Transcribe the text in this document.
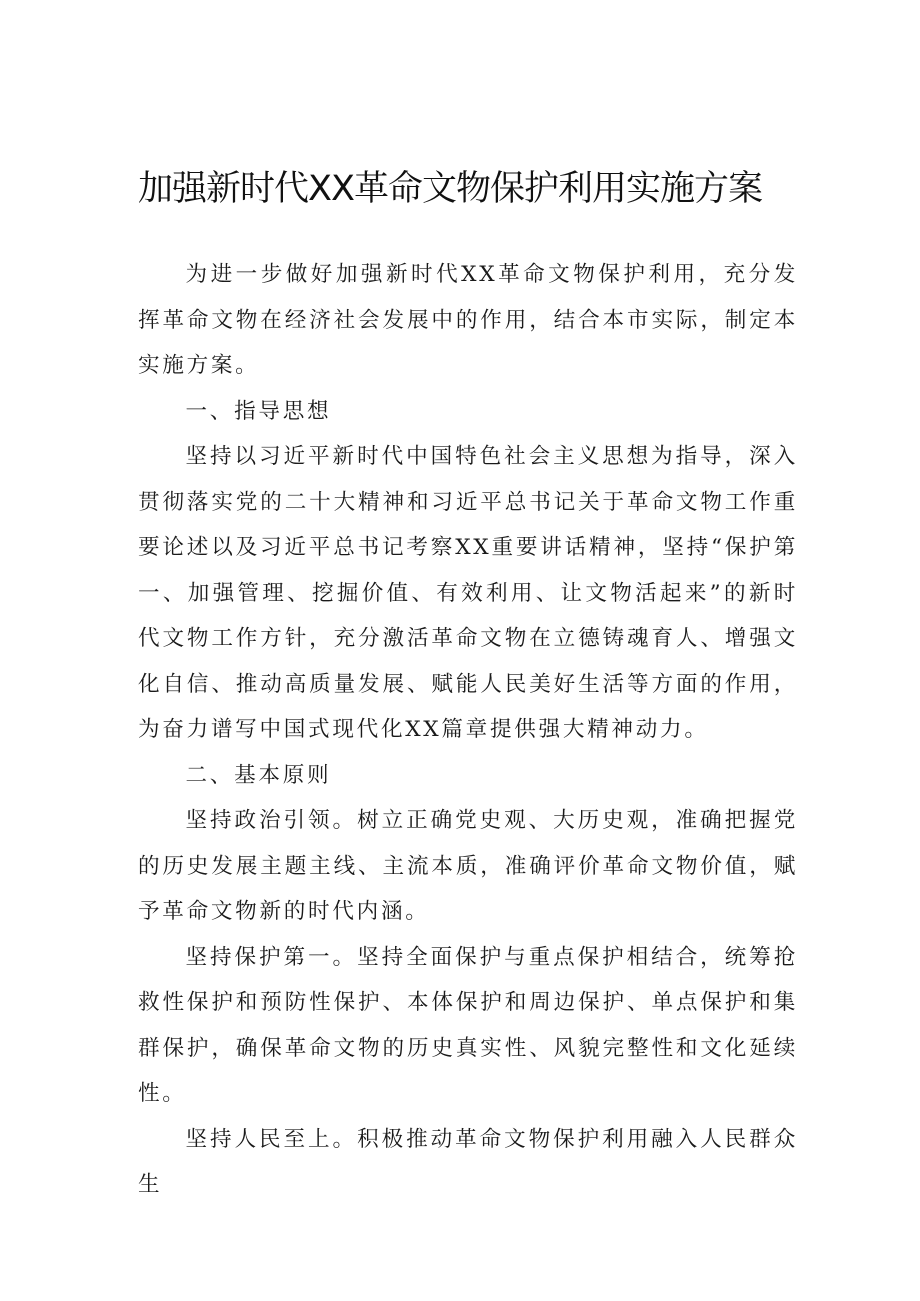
加强新时代XX革命文物保护利用实施方案

为进一步做好加强新时代XX革命文物保护利用，充分发挥革命文物在经济社会发展中的作用，结合本市实际，制定本实施方案。

一、指导思想

坚持以习近平新时代中国特色社会主义思想为指导，深入贯彻落实党的二十大精神和习近平总书记关于革命文物工作重要论述以及习近平总书记考察XX重要讲话精神，坚持“保护第一、加强管理、挖掘价值、有效利用、让文物活起来”的新时代文物工作方针，充分激活革命文物在立德铸魂育人、增强文化自信、推动高质量发展、赋能人民美好生活等方面的作用，为奋力谱写中国式现代化XX篇章提供强大精神动力。

二、基本原则

坚持政治引领。树立正确党史观、大历史观，准确把握党的历史发展主题主线、主流本质，准确评价革命文物价值，赋予革命文物新的时代内涵。

坚持保护第一。坚持全面保护与重点保护相结合，统筹抢救性保护和预防性保护、本体保护和周边保护、单点保护和集群保护，确保革命文物的历史真实性、风貌完整性和文化延续性。

坚持人民至上。积极推动革命文物保护利用融入人民群众生
